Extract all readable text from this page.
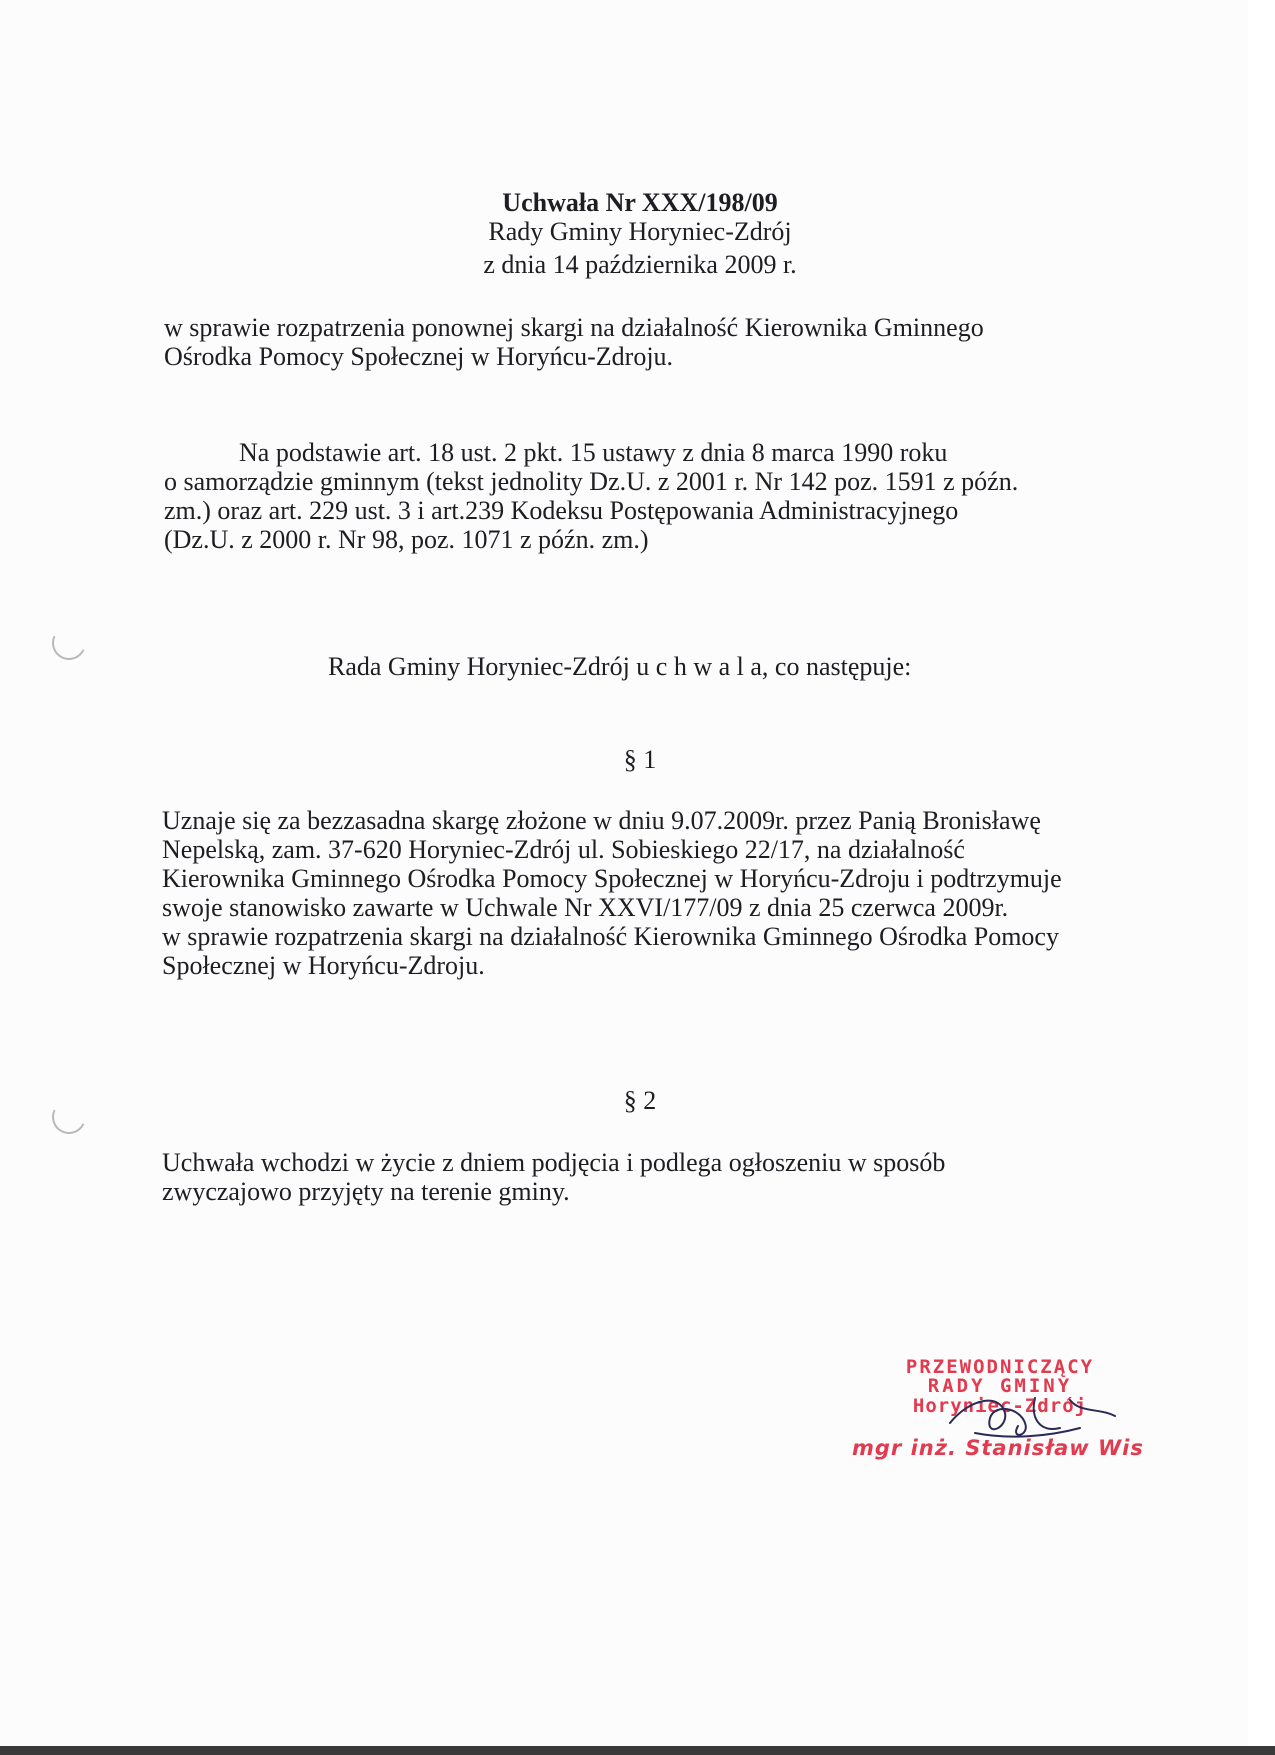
Uchwała Nr XXX/198/09
Rady Gminy Horyniec-Zdrój
z dnia 14 października 2009 r.
w sprawie rozpatrzenia ponownej skargi na działalność Kierownika Gminnego
Ośrodka Pomocy Społecznej w Horyńcu-Zdroju.
Na podstawie art. 18 ust. 2 pkt. 15 ustawy z dnia 8 marca 1990 roku
o samorządzie gminnym (tekst jednolity Dz.U. z 2001 r. Nr 142 poz. 1591 z późn.
zm.) oraz art. 229 ust. 3 i art.239 Kodeksu Postępowania Administracyjnego
(Dz.U. z 2000 r. Nr 98, poz. 1071 z późn. zm.)
Rada Gminy Horyniec-Zdrój u c h w a l a, co następuje:
§ 1
Uznaje się za bezzasadna skargę złożone w dniu 9.07.2009r. przez Panią Bronisławę
Nepelską, zam. 37-620 Horyniec-Zdrój ul. Sobieskiego 22/17, na działalność
Kierownika Gminnego Ośrodka Pomocy Społecznej w Horyńcu-Zdroju i podtrzymuje
swoje stanowisko zawarte w Uchwale Nr XXVI/177/09 z dnia 25 czerwca 2009r.
w sprawie rozpatrzenia skargi na działalność Kierownika Gminnego Ośrodka Pomocy
Społecznej w Horyńcu-Zdroju.
§ 2
Uchwała wchodzi w życie z dniem podjęcia i podlega ogłoszeniu w sposób
zwyczajowo przyjęty na terenie gminy.
PRZEWODNICZĄCY
RADY GMINY
Horyniec-Zdrój
mgr inż. Stanisław Wis
